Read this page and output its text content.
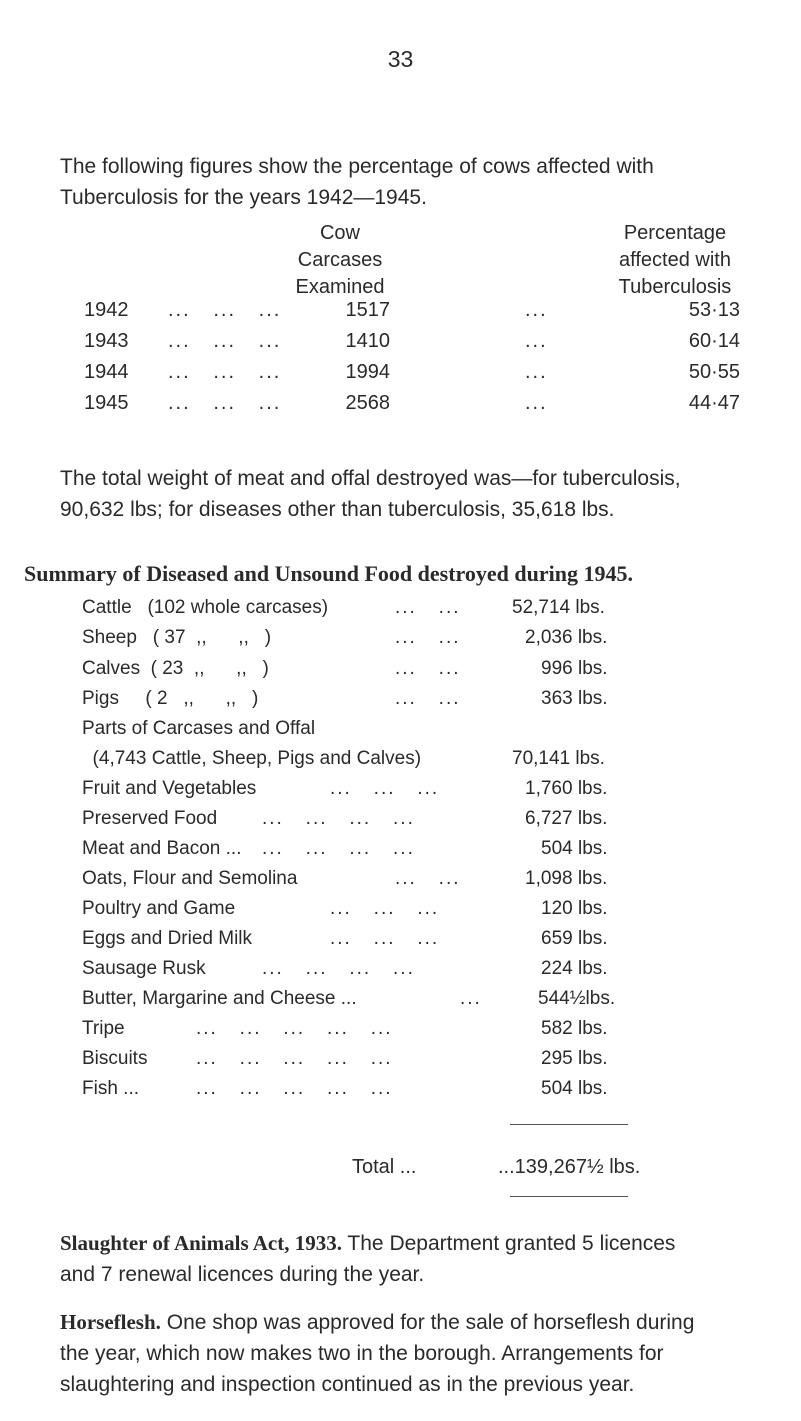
33
The following figures show the percentage of cows affected with
Tuberculosis for the years 1942—1945.
Cow
Carcases
Examined
Percentage
affected with
Tuberculosis
1942 ...   ...   ...	1517	...	53·13
1943 ...   ...   ...	1410	...	60·14
1944 ...   ...   ...	1994	...	50·55
1945 ...   ...   ...	2568	...	44·47
The total weight of meat and offal destroyed was—for tuberculosis,
90,632 lbs; for diseases other than tuberculosis, 35,618 lbs.
Summary of Diseased and Unsound Food destroyed during 1945.
Cattle   (102 whole carcases)	...   ...	52,714 lbs.
Sheep   ( 37  ,,      ,,   )	...   ...	2,036 lbs.
Calves  ( 23  ,,      ,,   )	...   ...	996 lbs.
Pigs     ( 2   ,,      ,,   )	...   ...	363 lbs.
Parts of Carcases and Offal
(4,743 Cattle, Sheep, Pigs and Calves)	70,141 lbs.
Fruit and Vegetables	...   ...   ...	1,760 lbs.
Preserved Food ...   ...   ...   ...	6,727 lbs.
Meat and Bacon ... ...   ...   ...   ...	504 lbs.
Oats, Flour and Semolina	...   ...	1,098 lbs.
Poultry and Game	...   ...   ...	120 lbs.
Eggs and Dried Milk	...   ...   ...	659 lbs.
Sausage Rusk	...   ...   ...   ...	224 lbs.
Butter, Margarine and Cheese ...	...	544½lbs.
Tripe	...   ...   ...   ...   ...	582 lbs.
Biscuits	...   ...   ...   ...   ...	295 lbs.
Fish ...	...   ...   ...   ...   ...	504 lbs.
Total ...	...139,267½ lbs.
Slaughter of Animals Act, 1933. The Department granted 5 licences
and 7 renewal licences during the year.
Horseflesh. One shop was approved for the sale of horseflesh during
the year, which now makes two in the borough. Arrangements for
slaughtering and inspection continued as in the previous year.
